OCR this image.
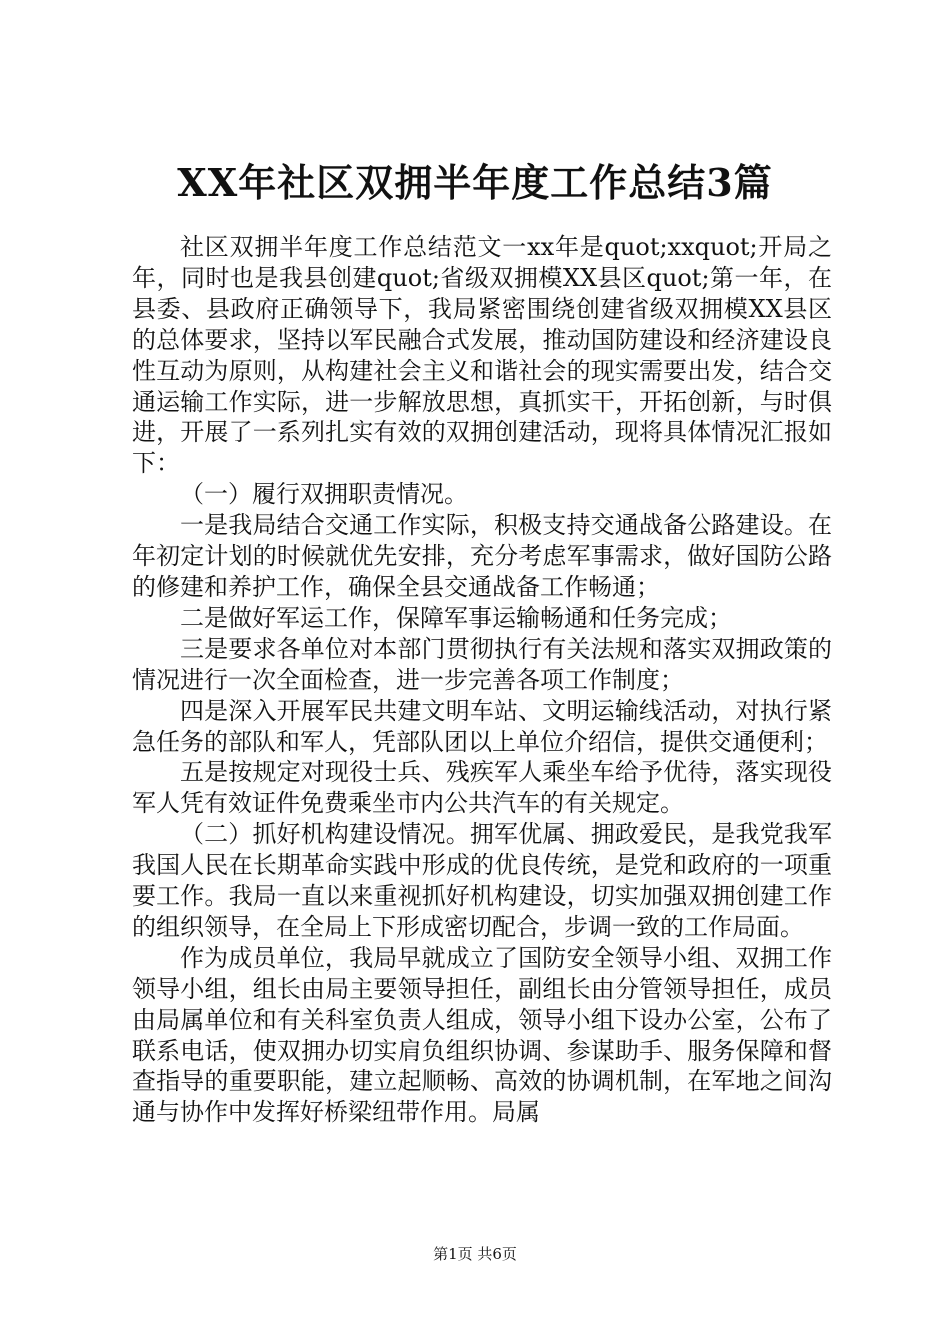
XX年社区双拥半年度工作总结3篇

社区双拥半年度工作总结范文一xx年是quot;xxquot;开局之年，同时也是我县创建quot;省级双拥模XX县区quot;第一年，在县委、县政府正确领导下，我局紧密围绕创建省级双拥模XX县区的总体要求，坚持以军民融合式发展，推动国防建设和经济建设良性互动为原则，从构建社会主义和谐社会的现实需要出发，结合交通运输工作实际，进一步解放思想，真抓实干，开拓创新，与时俱进，开展了一系列扎实有效的双拥创建活动，现将具体情况汇报如下：

（一）履行双拥职责情况。

一是我局结合交通工作实际，积极支持交通战备公路建设。在年初定计划的时候就优先安排，充分考虑军事需求，做好国防公路的修建和养护工作，确保全县交通战备工作畅通；

二是做好军运工作，保障军事运输畅通和任务完成；

三是要求各单位对本部门贯彻执行有关法规和落实双拥政策的情况进行一次全面检查，进一步完善各项工作制度；

四是深入开展军民共建文明车站、文明运输线活动，对执行紧急任务的部队和军人，凭部队团以上单位介绍信，提供交通便利；

五是按规定对现役士兵、残疾军人乘坐车给予优待，落实现役军人凭有效证件免费乘坐市内公共汽车的有关规定。

（二）抓好机构建设情况。拥军优属、拥政爱民，是我党我军我国人民在长期革命实践中形成的优良传统，是党和政府的一项重要工作。我局一直以来重视抓好机构建设，切实加强双拥创建工作的组织领导，在全局上下形成密切配合，步调一致的工作局面。

作为成员单位，我局早就成立了国防安全领导小组、双拥工作领导小组，组长由局主要领导担任，副组长由分管领导担任，成员由局属单位和有关科室负责人组成，领导小组下设办公室，公布了联系电话，使双拥办切实肩负组织协调、参谋助手、服务保障和督查指导的重要职能，建立起顺畅、高效的协调机制，在军地之间沟通与协作中发挥好桥梁纽带作用。局属

第1页 共6页
